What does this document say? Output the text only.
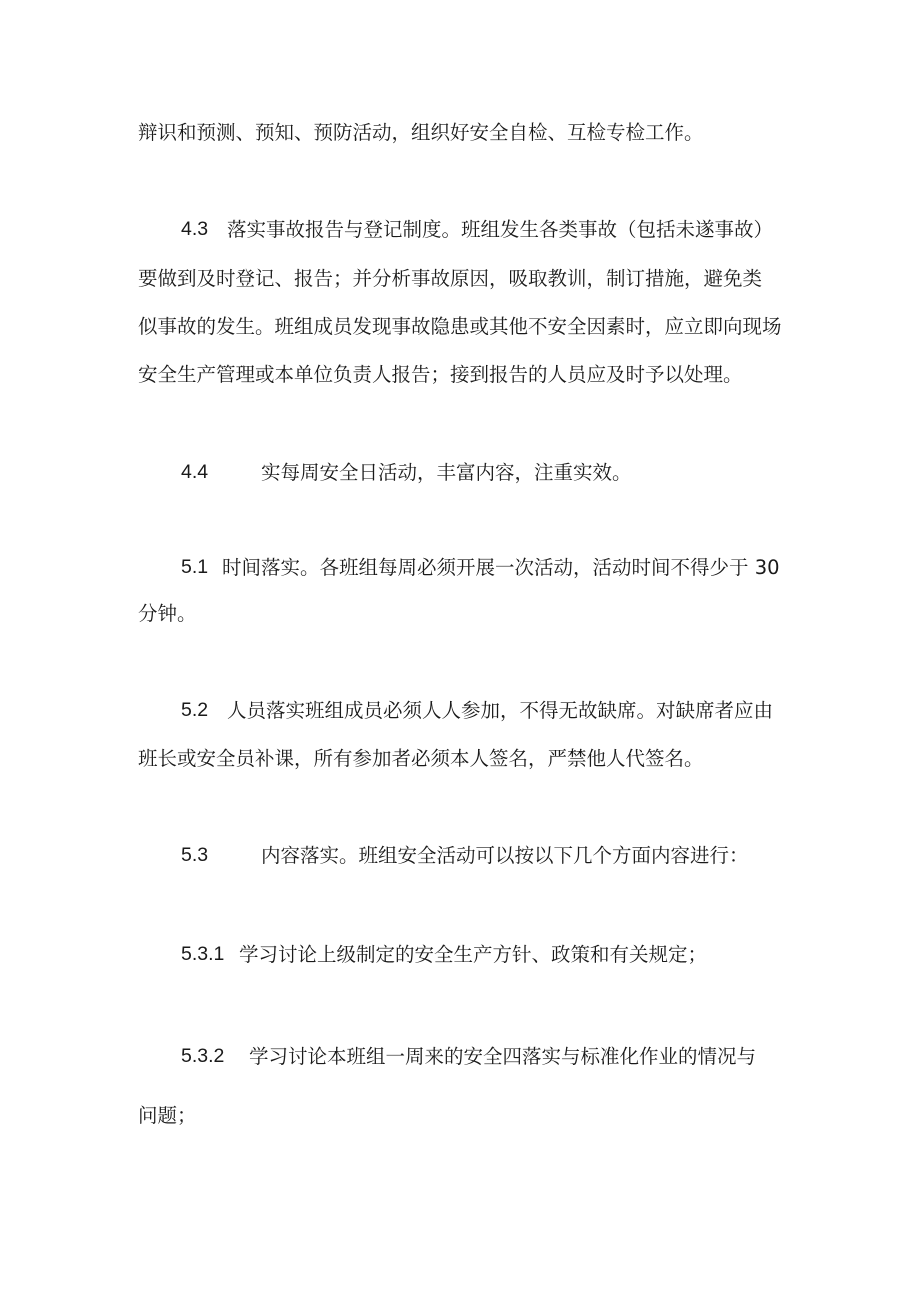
辩识和预测、预知、预防活动，组织好安全自检、互检专检工作。
4.3 落实事故报告与登记制度。班组发生各类事故（包括未遂事故）
要做到及时登记、报告；并分析事故原因，吸取教训，制订措施，避免类
似事故的发生。班组成员发现事故隐患或其他不安全因素时，应立即向现场
安全生产管理或本单位负责人报告；接到报告的人员应及时予以处理。
4.4	实每周安全日活动，丰富内容，注重实效。
5.1 时间落实。各班组每周必须开展一次活动，活动时间不得少于 30
分钟。
5.2 人员落实班组成员必须人人参加，不得无故缺席。对缺席者应由
班长或安全员补课，所有参加者必须本人签名，严禁他人代签名。
5.3	内容落实。班组安全活动可以按以下几个方面内容进行：
5.3.1 学习讨论上级制定的安全生产方针、政策和有关规定；
5.3.2 学习讨论本班组一周来的安全四落实与标准化作业的情况与
问题；
